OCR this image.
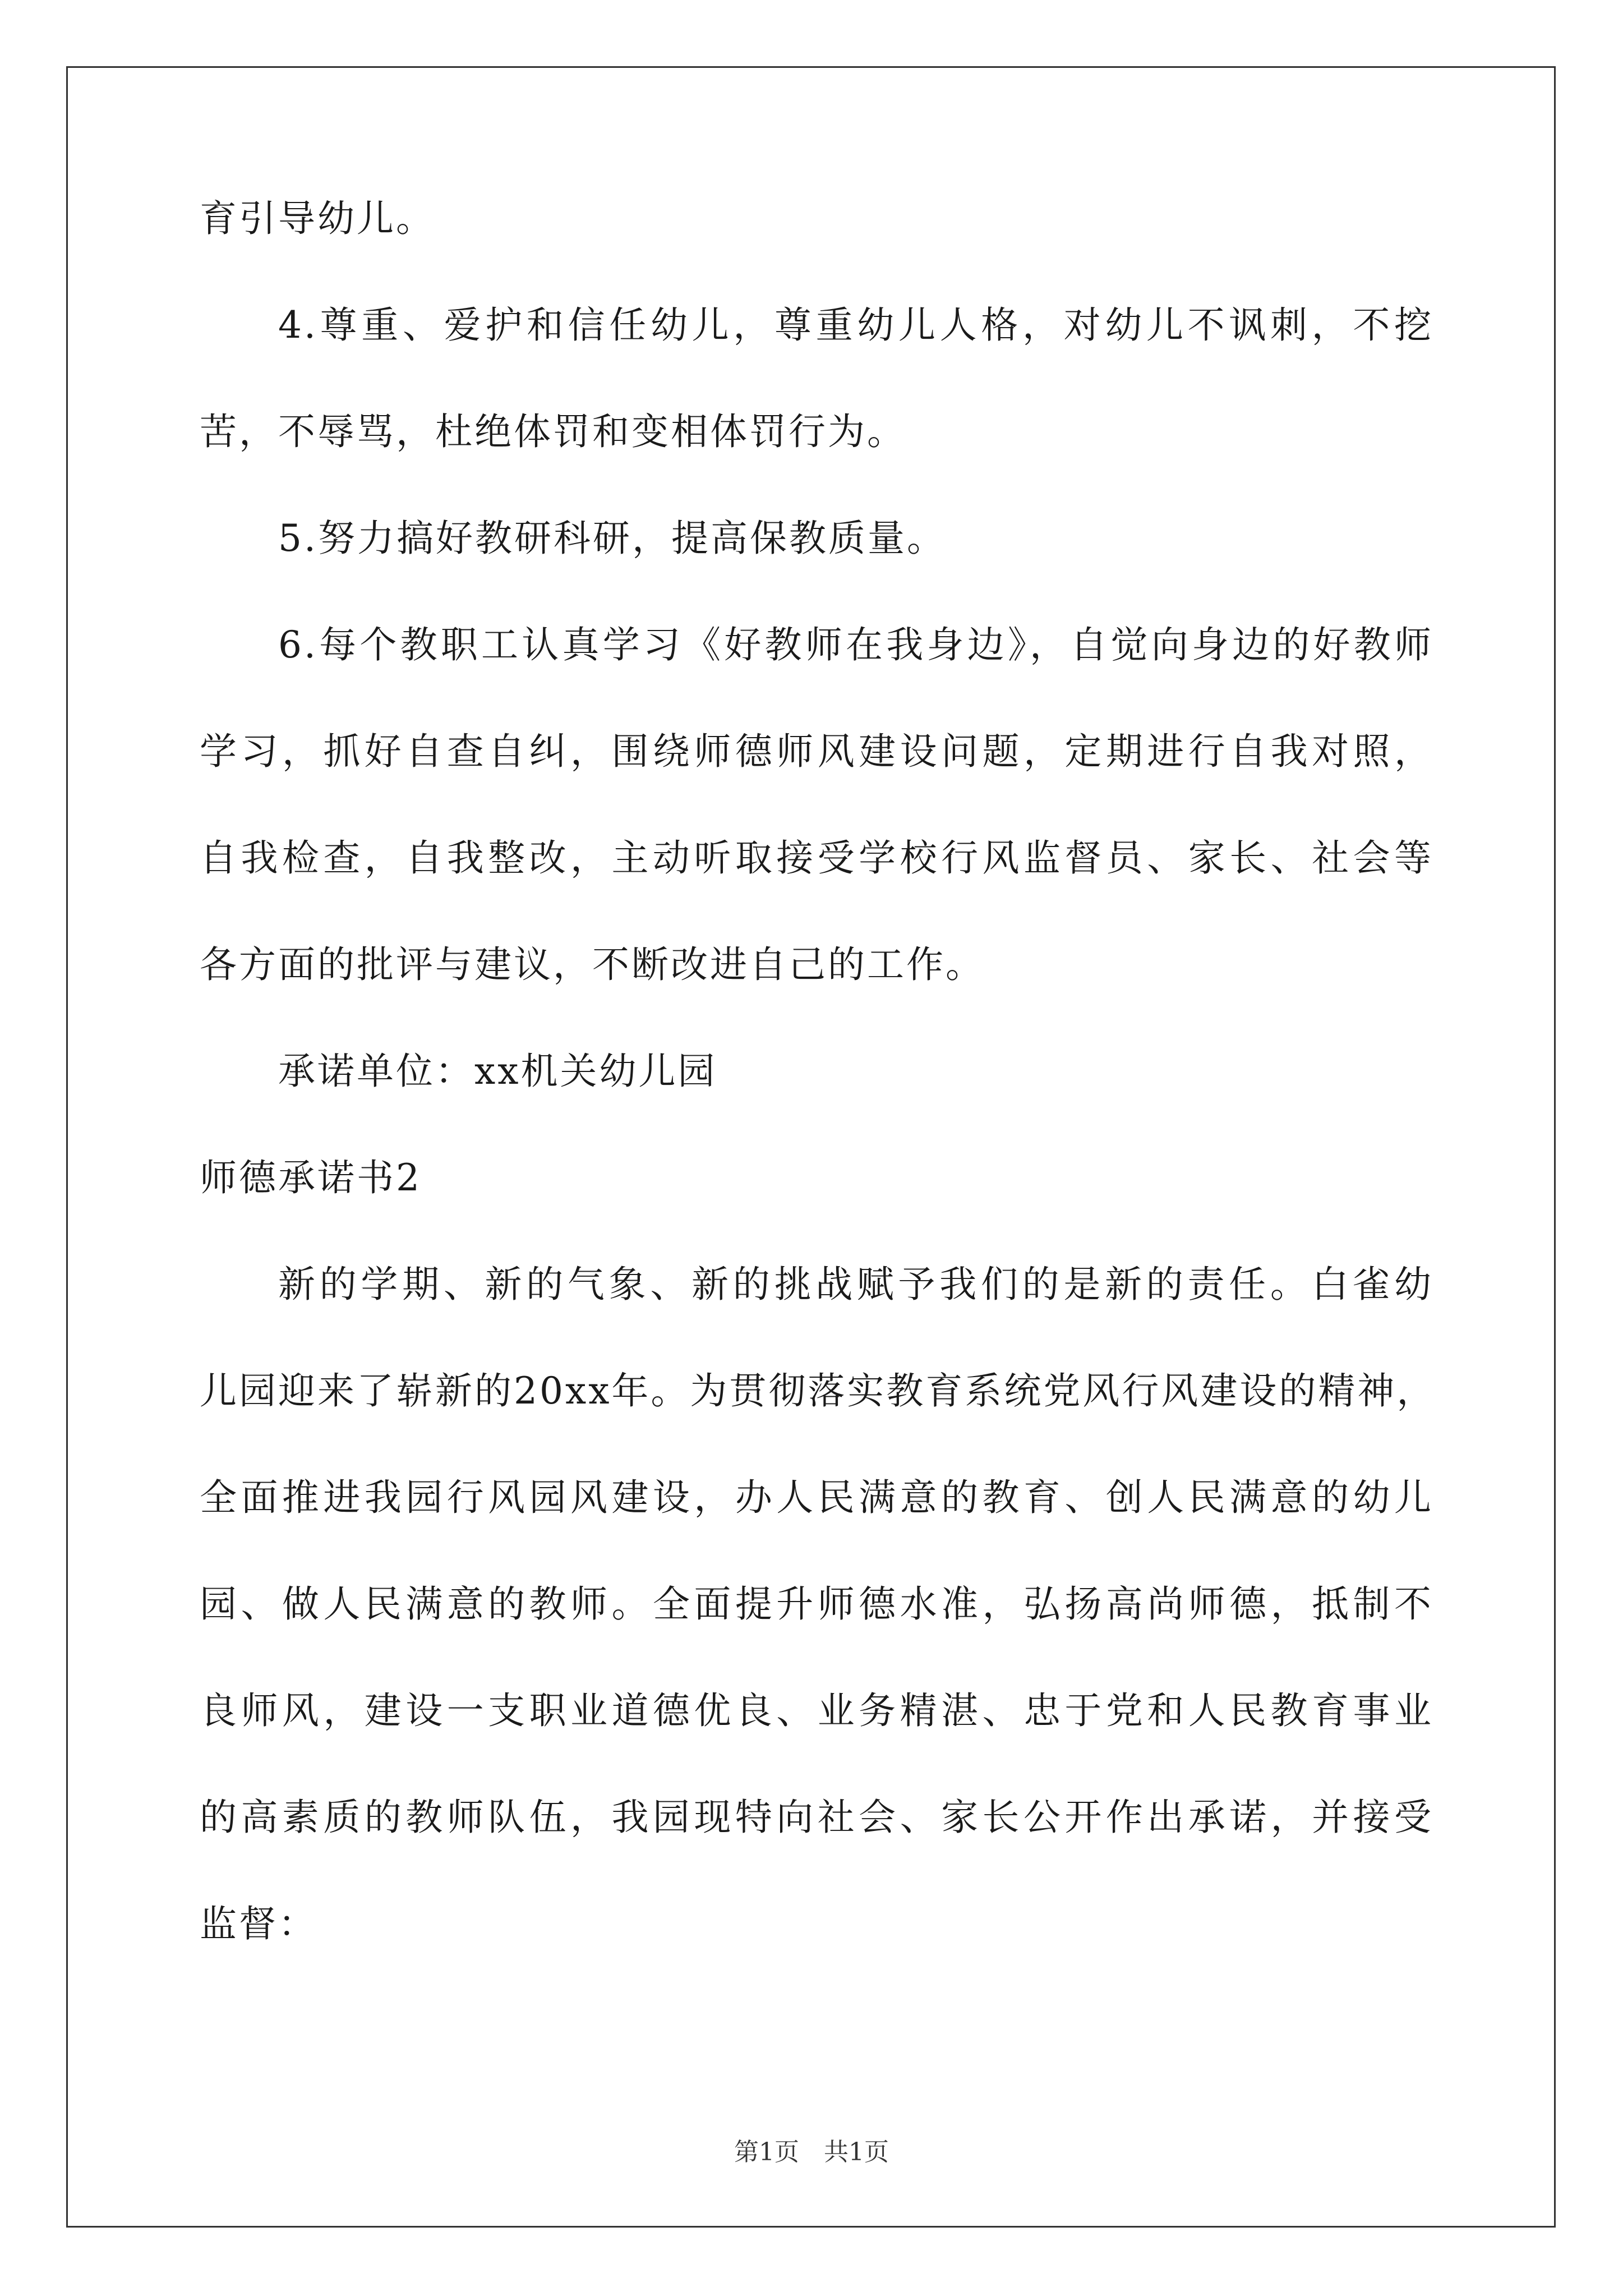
育引导幼儿。
4.尊重、爱护和信任幼儿，尊重幼儿人格，对幼儿不讽刺，不挖
苦，不辱骂，杜绝体罚和变相体罚行为。
5.努力搞好教研科研，提高保教质量。
6.每个教职工认真学习《好教师在我身边》，自觉向身边的好教师
学习，抓好自查自纠，围绕师德师风建设问题，定期进行自我对照，
自我检查，自我整改，主动听取接受学校行风监督员、家长、社会等
各方面的批评与建议，不断改进自己的工作。
承诺单位：xx机关幼儿园
师德承诺书2
新的学期、新的气象、新的挑战赋予我们的是新的责任。白雀幼
儿园迎来了崭新的20xx年。为贯彻落实教育系统党风行风建设的精神，
全面推进我园行风园风建设，办人民满意的教育、创人民满意的幼儿
园、做人民满意的教师。全面提升师德水准，弘扬高尚师德，抵制不
良师风，建设一支职业道德优良、业务精湛、忠于党和人民教育事业
的高素质的教师队伍，我园现特向社会、家长公开作出承诺，并接受
监督：
第1页　共1页
